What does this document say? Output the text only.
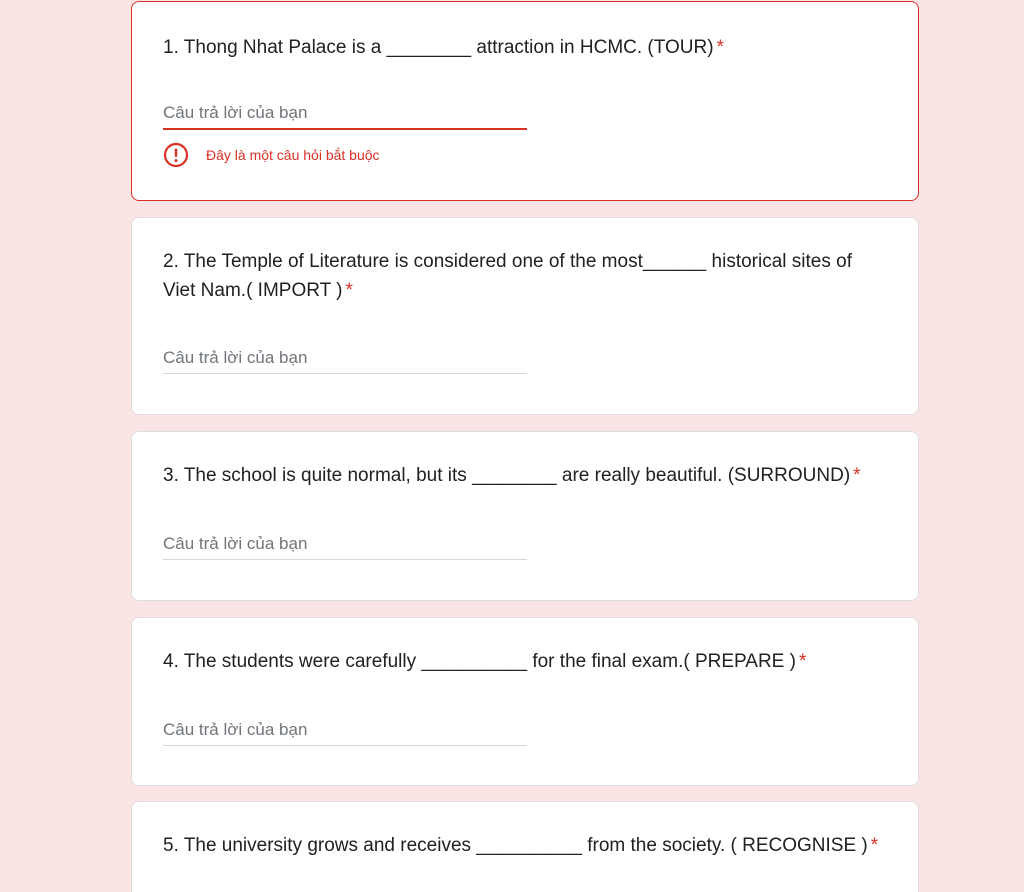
1. Thong Nhat Palace is a ________ attraction in HCMC. (TOUR) *
Câu trả lời của bạn
Đây là một câu hỏi bắt buộc
2. The Temple of Literature is considered one of the most______ historical sites of Viet Nam.( IMPORT ) *
Câu trả lời của bạn
3. The school is quite normal, but its ________ are really beautiful. (SURROUND) *
Câu trả lời của bạn
4. The students were carefully __________ for the final exam.( PREPARE ) *
Câu trả lời của bạn
5. The university grows and receives __________ from the society. ( RECOGNISE ) *
